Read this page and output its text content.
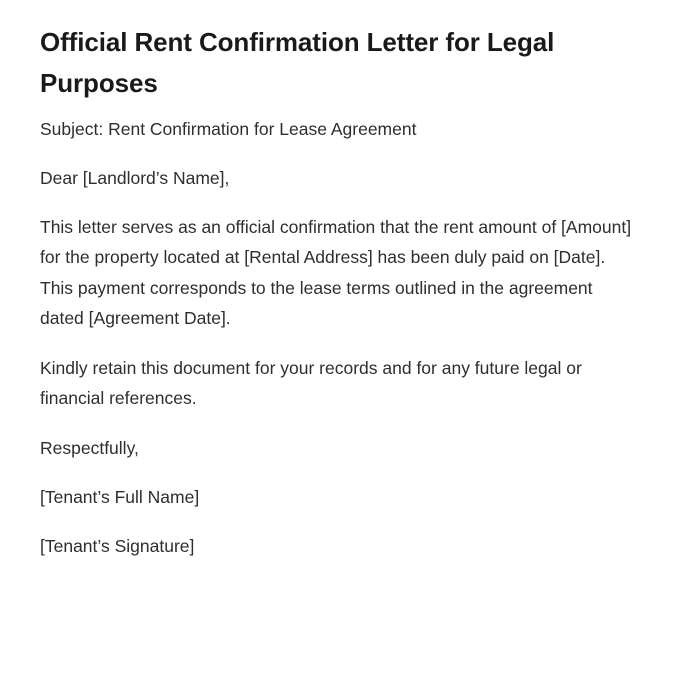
Official Rent Confirmation Letter for Legal Purposes

Subject: Rent Confirmation for Lease Agreement

Dear [Landlord’s Name],

This letter serves as an official confirmation that the rent amount of [Amount] for the property located at [Rental Address] has been duly paid on [Date]. This payment corresponds to the lease terms outlined in the agreement dated [Agreement Date].

Kindly retain this document for your records and for any future legal or financial references.

Respectfully,

[Tenant’s Full Name]

[Tenant’s Signature]
